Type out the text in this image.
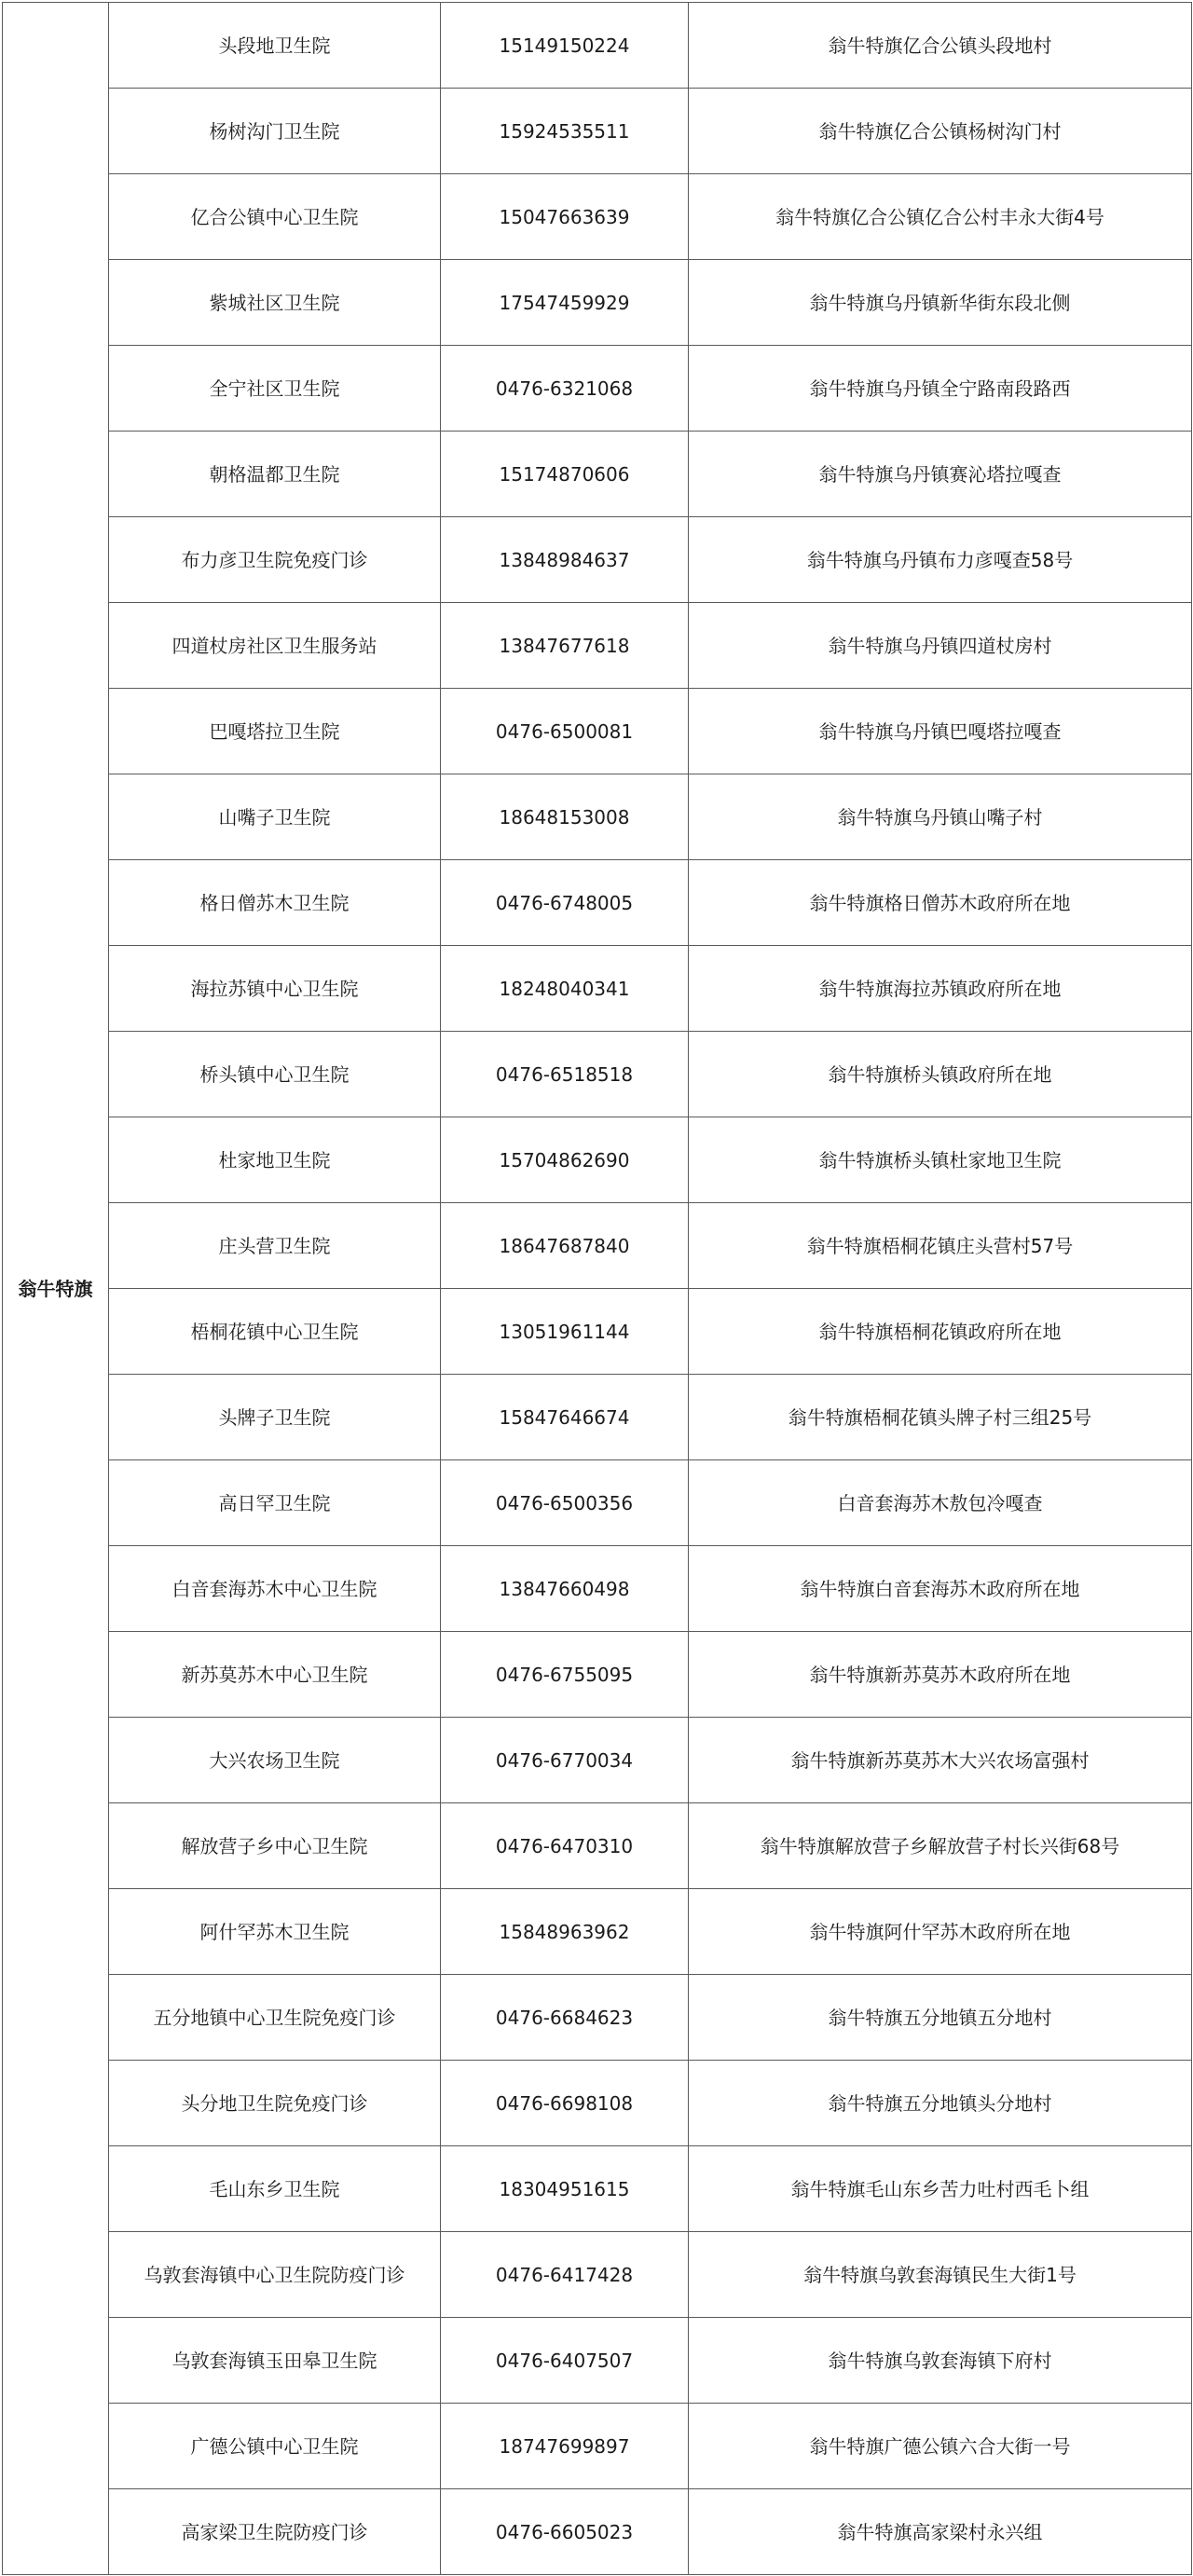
翁牛特旗	头段地卫生院	15149150224	翁牛特旗亿合公镇头段地村
	杨树沟门卫生院	15924535511	翁牛特旗亿合公镇杨树沟门村
	亿合公镇中心卫生院	15047663639	翁牛特旗亿合公镇亿合公村丰永大街4号
	紫城社区卫生院	17547459929	翁牛特旗乌丹镇新华街东段北侧
	全宁社区卫生院	0476-6321068	翁牛特旗乌丹镇全宁路南段路西
	朝格温都卫生院	15174870606	翁牛特旗乌丹镇赛沁塔拉嘎查
	布力彦卫生院免疫门诊	13848984637	翁牛特旗乌丹镇布力彦嘎查58号
	四道杖房社区卫生服务站	13847677618	翁牛特旗乌丹镇四道杖房村
	巴嘎塔拉卫生院	0476-6500081	翁牛特旗乌丹镇巴嘎塔拉嘎查
	山嘴子卫生院	18648153008	翁牛特旗乌丹镇山嘴子村
	格日僧苏木卫生院	0476-6748005	翁牛特旗格日僧苏木政府所在地
	海拉苏镇中心卫生院	18248040341	翁牛特旗海拉苏镇政府所在地
	桥头镇中心卫生院	0476-6518518	翁牛特旗桥头镇政府所在地
	杜家地卫生院	15704862690	翁牛特旗桥头镇杜家地卫生院
	庄头营卫生院	18647687840	翁牛特旗梧桐花镇庄头营村57号
	梧桐花镇中心卫生院	13051961144	翁牛特旗梧桐花镇政府所在地
	头牌子卫生院	15847646674	翁牛特旗梧桐花镇头牌子村三组25号
	高日罕卫生院	0476-6500356	白音套海苏木敖包冷嘎查
	白音套海苏木中心卫生院	13847660498	翁牛特旗白音套海苏木政府所在地
	新苏莫苏木中心卫生院	0476-6755095	翁牛特旗新苏莫苏木政府所在地
	大兴农场卫生院	0476-6770034	翁牛特旗新苏莫苏木大兴农场富强村
	解放营子乡中心卫生院	0476-6470310	翁牛特旗解放营子乡解放营子村长兴街68号
	阿什罕苏木卫生院	15848963962	翁牛特旗阿什罕苏木政府所在地
	五分地镇中心卫生院免疫门诊	0476-6684623	翁牛特旗五分地镇五分地村
	头分地卫生院免疫门诊	0476-6698108	翁牛特旗五分地镇头分地村
	毛山东乡卫生院	18304951615	翁牛特旗毛山东乡苦力吐村西毛卜组
	乌敦套海镇中心卫生院防疫门诊	0476-6417428	翁牛特旗乌敦套海镇民生大街1号
	乌敦套海镇玉田皋卫生院	0476-6407507	翁牛特旗乌敦套海镇下府村
	广德公镇中心卫生院	18747699897	翁牛特旗广德公镇六合大街一号
	高家梁卫生院防疫门诊	0476-6605023	翁牛特旗高家梁村永兴组
